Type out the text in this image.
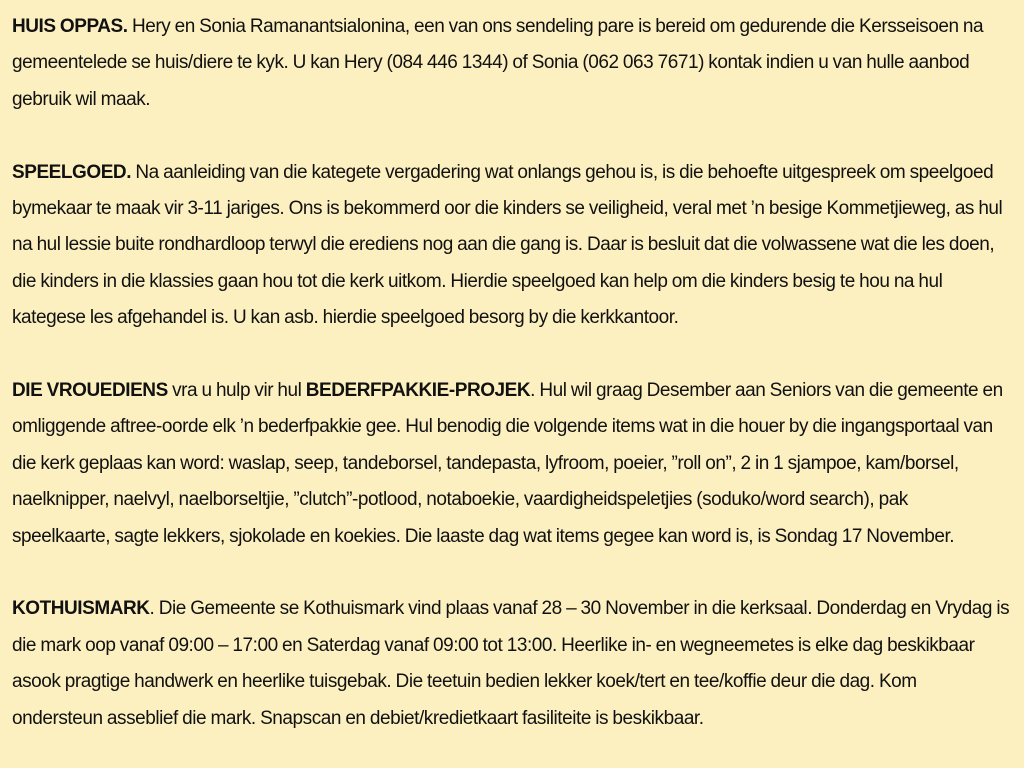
HUIS OPPAS. Hery en Sonia Ramanantsialonina, een van ons sendeling pare is bereid om gedurende die Kersseisoen na gemeentelede se huis/diere te kyk. U kan Hery (084 446 1344) of Sonia (062 063 7671) kontak indien u van hulle aanbod gebruik wil maak.

SPEELGOED. Na aanleiding van die kategete vergadering wat onlangs gehou is, is die behoefte uitgespreek om speelgoed bymekaar te maak vir 3-11 jariges. Ons is bekommerd oor die kinders se veiligheid, veral met ’n besige Kommetjieweg, as hul na hul lessie buite rondhardloop terwyl die erediens nog aan die gang is. Daar is besluit dat die volwassene wat die les doen, die kinders in die klassies gaan hou tot die kerk uitkom. Hierdie speelgoed kan help om die kinders besig te hou na hul kategese les afgehandel is. U kan asb. hierdie speelgoed besorg by die kerkkantoor.

DIE VROUEDIENS vra u hulp vir hul BEDERFPAKKIE-PROJEK. Hul wil graag Desember aan Seniors van die gemeente en omliggende aftree-oorde elk ’n bederfpakkie gee. Hul benodig die volgende items wat in die houer by die ingangsportaal van die kerk geplaas kan word: waslap, seep, tandeborsel, tandepasta, lyfroom, poeier, ”roll on”, 2 in 1 sjampoe, kam/borsel, naelknipper, naelvyl, naelborseltjie, ”clutch”-potlood, notaboekie, vaardigheidspeletjies (soduko/word search), pak speelkaarte, sagte lekkers, sjokolade en koekies. Die laaste dag wat items gegee kan word is, is Sondag 17 November.

KOTHUISMARK. Die Gemeente se Kothuismark vind plaas vanaf 28 – 30 November in die kerksaal. Donderdag en Vrydag is die mark oop vanaf 09:00 – 17:00 en Saterdag vanaf 09:00 tot 13:00. Heerlike in- en wegneemetes is elke dag beskikbaar asook pragtige handwerk en heerlike tuisgebak. Die teetuin bedien lekker koek/tert en tee/koffie deur die dag. Kom ondersteun asseblief die mark. Snapscan en debiet/kredietkaart fasiliteite is beskikbaar.
